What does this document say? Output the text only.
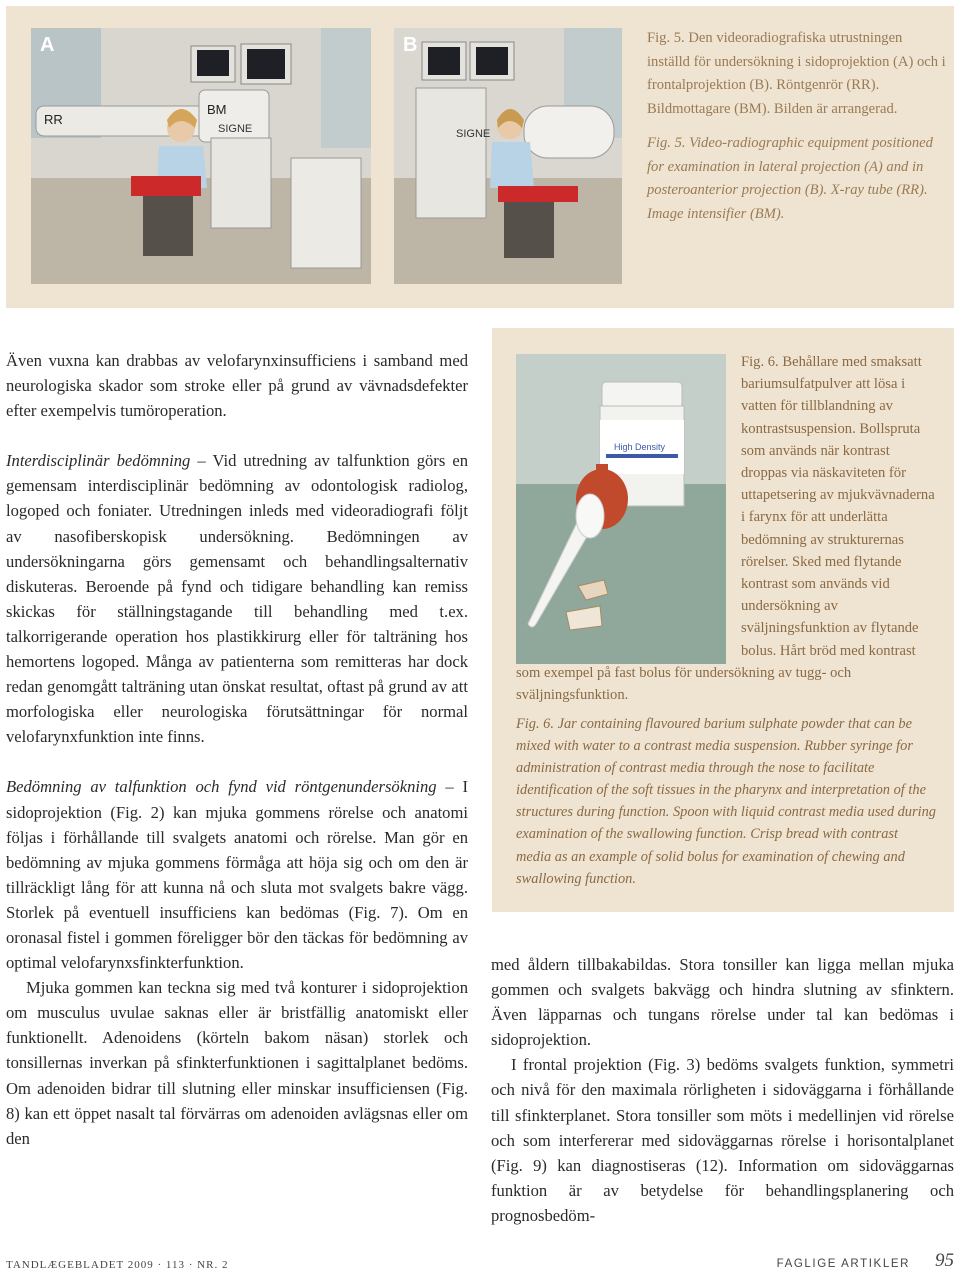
A
RR
BM
SIGNE
B
SIGNE

Fig. 5. Den videoradiografiska utrustningen inställd för undersökning i sidoprojektion (A) och i frontalprojektion (B). Röntgenrör (RR). Bildmottagare (BM). Bilden är arrangerad.

Fig. 5. Video-radiographic equipment positioned for examination in lateral projection (A) and in posteroanterior projection (B). X-ray tube (RR). Image intensifier (BM).

Även vuxna kan drabbas av velofarynxinsufficiens i samband med neurologiska skador som stroke eller på grund av vävnadsdefekter efter exempelvis tumöroperation.

Interdisciplinär bedömning – Vid utredning av talfunktion görs en gemensam interdisciplinär bedömning av odontologisk radiolog, logoped och foniater. Utredningen inleds med videoradiografi följt av nasofiberskopisk undersökning. Bedömningen av undersökningarna görs gemensamt och behandlingsalternativ diskuteras. Beroende på fynd och tidigare behandling kan remiss skickas för ställningstagande till behandling med t.ex. talkorrigerande operation hos plastikkirurg eller för talträning hos hemortens logoped. Många av patienterna som remitteras har dock redan genomgått talträning utan önskat resultat, oftast på grund av att morfologiska eller neurologiska förutsättningar för normal velofarynxfunktion inte finns.

Bedömning av talfunktion och fynd vid röntgenundersökning – I sidoprojektion (Fig. 2) kan mjuka gommens rörelse och anatomi följas i förhållande till svalgets anatomi och rörelse. Man gör en bedömning av mjuka gommens förmåga att höja sig och om den är tillräckligt lång för att kunna nå och sluta mot svalgets bakre vägg. Storlek på eventuell insufficiens kan bedömas (Fig. 7). Om en oronasal fistel i gommen föreligger bör den täckas för bedömning av optimal velofarynxsfinkterfunktion.

Mjuka gommen kan teckna sig med två konturer i sidoprojektion om musculus uvulae saknas eller är bristfällig anatomiskt eller funktionellt. Adenoidens (körteln bakom näsan) storlek och tonsillernas inverkan på sfinkterfunktionen i sagittalplanet bedöms. Om adenoiden bidrar till slutning eller minskar insufficiensen (Fig. 8) kan ett öppet nasalt tal förvärras om adenoiden avlägsnas eller om den

High Density
Fig. 6. Behållare med smaksatt bariumsulfatpulver att lösa i vatten för tillblandning av kontrastsuspension. Bollspruta som används när kontrast droppas via näskaviteten för uttapetsering av mjukvävnaderna i farynx för att underlätta bedömning av strukturernas rörelser. Sked med flytande kontrast som används vid undersökning av sväljningsfunktion av flytande bolus. Hårt bröd med kontrast som exempel på fast bolus för undersökning av tugg- och sväljningsfunktion.

Fig. 6. Jar containing flavoured barium sulphate powder that can be mixed with water to a contrast media suspension. Rubber syringe for administration of contrast media through the nose to facilitate identification of the soft tissues in the pharynx and interpretation of the structures during function. Spoon with liquid contrast media used during examination of the swallowing function. Crisp bread with contrast media as an example of solid bolus for examination of chewing and swallowing function.

med åldern tillbakabildas. Stora tonsiller kan ligga mellan mjuka gommen och svalgets bakvägg och hindra slutning av sfinktern. Även läpparnas och tungans rörelse under tal kan bedömas i sidoprojektion.

I frontal projektion (Fig. 3) bedöms svalgets funktion, symmetri och nivå för den maximala rörligheten i sidoväggarna i förhållande till sfinkterplanet. Stora tonsiller som möts i medellinjen vid rörelse och som interfererar med sidoväggarnas rörelse i horisontalplanet (Fig. 9) kan diagnostiseras (12). Information om sidoväggarnas funktion är av betydelse för behandlingsplanering och prognosbedöm-

TANDLÆGEBLADET 2009 · 113 · NR. 2	FAGLIGE ARTIKLER 95
